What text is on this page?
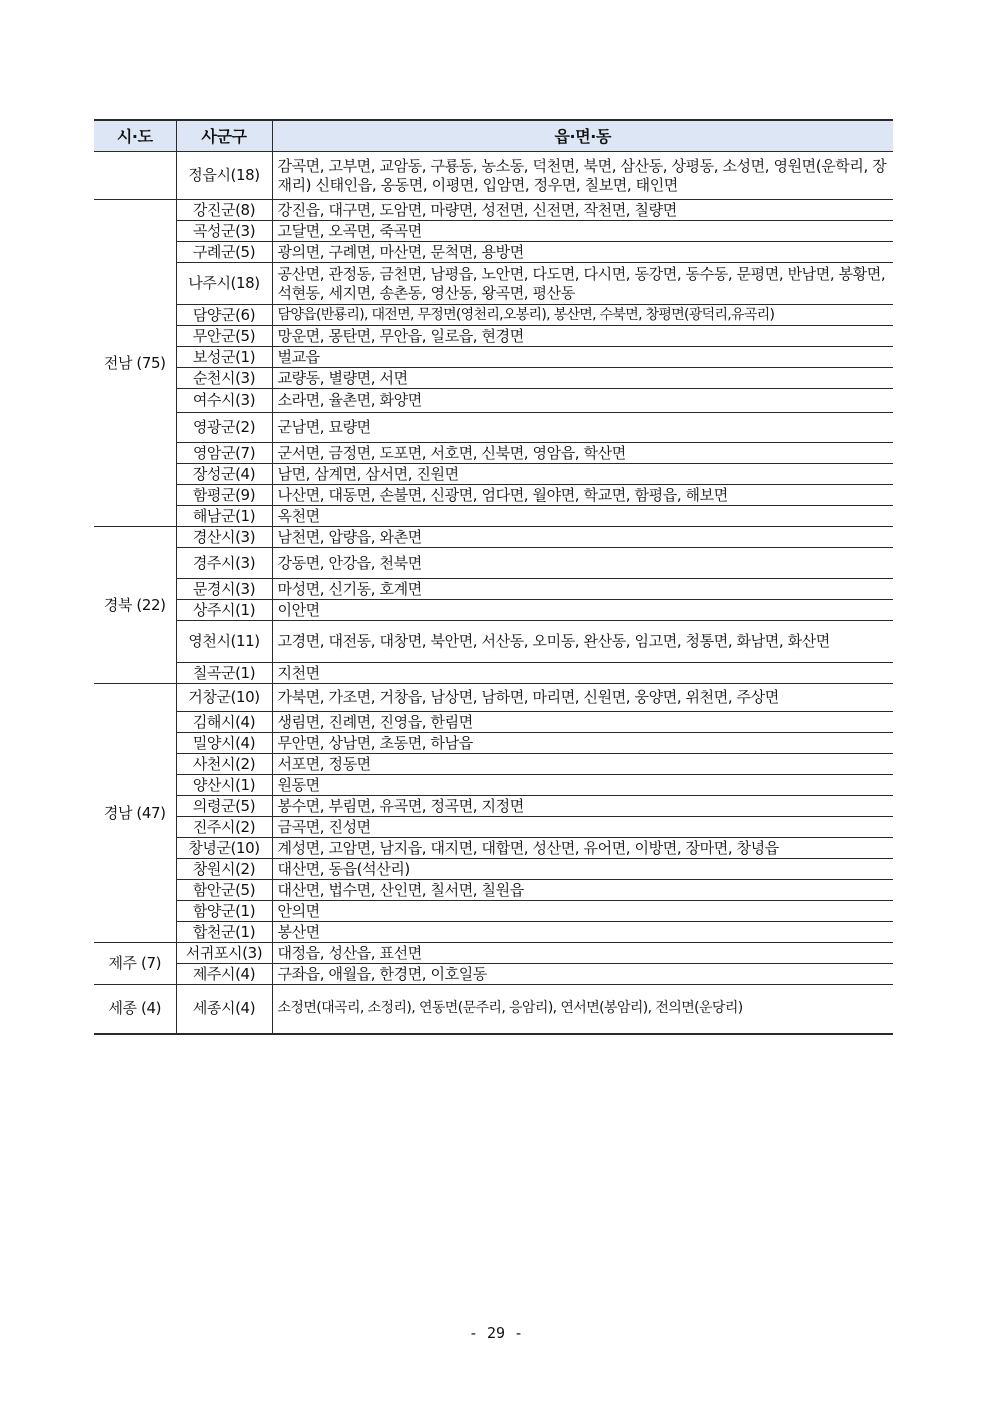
시·도	사군구	읍·면·동
	정읍시(18)	감곡면, 고부면, 교암동, 구룡동, 농소동, 덕천면, 북면, 삼산동, 상평동, 소성면, 영원면(운학리, 장재리) 신태인읍, 옹동면, 이평면, 입암면, 정우면, 칠보면, 태인면
전남 (75)	강진군(8)	강진읍, 대구면, 도암면, 마량면, 성전면, 신전면, 작천면, 칠량면
	곡성군(3)	고달면, 오곡면, 죽곡면
	구례군(5)	광의면, 구례면, 마산면, 문척면, 용방면
	나주시(18)	공산면, 관정동, 금천면, 남평읍, 노안면, 다도면, 다시면, 동강면, 동수동, 문평면, 반남면, 봉황면, 석현동, 세지면, 송촌동, 영산동, 왕곡면, 평산동
	담양군(6)	담양읍(반룡리), 대전면, 무정면(영천리,오봉리), 봉산면, 수북면, 창평면(광덕리,유곡리)
	무안군(5)	망운면, 몽탄면, 무안읍, 일로읍, 현경면
	보성군(1)	벌교읍
	순천시(3)	교량동, 별량면, 서면
	여수시(3)	소라면, 율촌면, 화양면
	영광군(2)	군남면, 묘량면
	영암군(7)	군서면, 금정면, 도포면, 서호면, 신북면, 영암읍, 학산면
	장성군(4)	남면, 삼계면, 삼서면, 진원면
	함평군(9)	나산면, 대동면, 손불면, 신광면, 엄다면, 월야면, 학교면, 함평읍, 해보면
	해남군(1)	옥천면
경북 (22)	경산시(3)	남천면, 압량읍, 와촌면
	경주시(3)	강동면, 안강읍, 천북면
	문경시(3)	마성면, 신기동, 호계면
	상주시(1)	이안면
	영천시(11)	고경면, 대전동, 대창면, 북안면, 서산동, 오미동, 완산동, 임고면, 청통면, 화남면, 화산면
	칠곡군(1)	지천면
경남 (47)	거창군(10)	가북면, 가조면, 거창읍, 남상면, 남하면, 마리면, 신원면, 웅양면, 위천면, 주상면
	김해시(4)	생림면, 진례면, 진영읍, 한림면
	밀양시(4)	무안면, 상남면, 초동면, 하남읍
	사천시(2)	서포면, 정동면
	양산시(1)	원동면
	의령군(5)	봉수면, 부림면, 유곡면, 정곡면, 지정면
	진주시(2)	금곡면, 진성면
	창녕군(10)	계성면, 고암면, 남지읍, 대지면, 대합면, 성산면, 유어면, 이방면, 장마면, 창녕읍
	창원시(2)	대산면, 동읍(석산리)
	함안군(5)	대산면, 법수면, 산인면, 칠서면, 칠원읍
	함양군(1)	안의면
	합천군(1)	봉산면
제주 (7)	서귀포시(3)	대정읍, 성산읍, 표선면
	제주시(4)	구좌읍, 애월읍, 한경면, 이호일동
세종 (4)	세종시(4)	소정면(대곡리, 소정리), 연동면(문주리, 응암리), 연서면(봉암리), 전의면(운당리)
- 29 -
